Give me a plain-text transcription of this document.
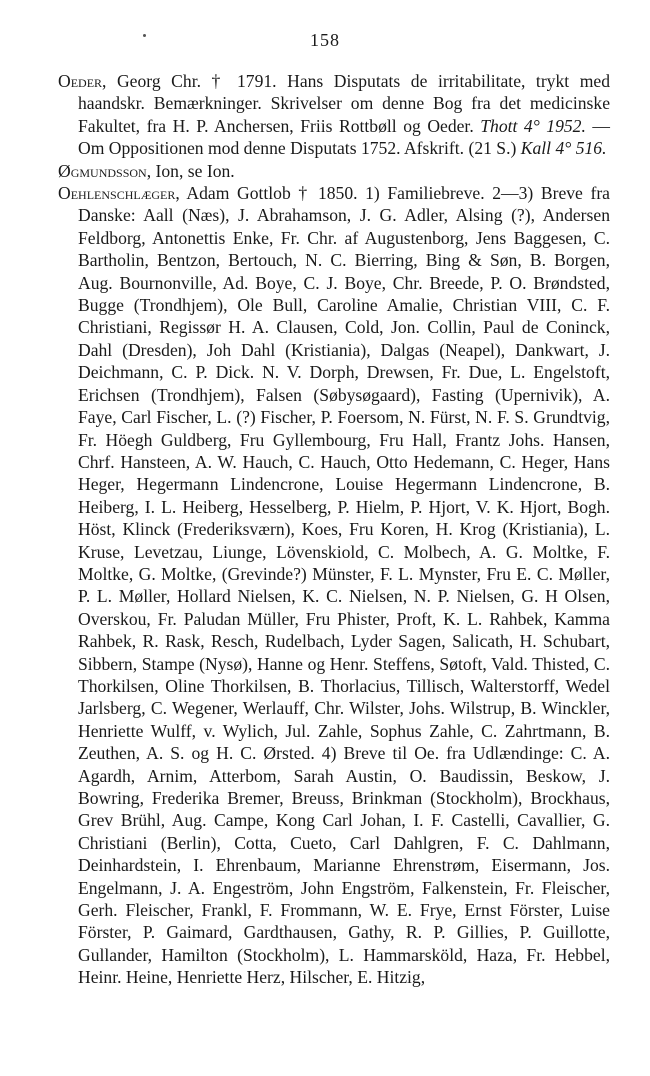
158

Oeder, Georg Chr. † 1791. Hans Disputats de irritabilitate, trykt med haandskr. Bemærkninger. Skrivelser om denne Bog fra det medicinske Fakultet, fra H. P. Anchersen, Friis Rottbøll og Oeder. Thott 4° 1952. — Om Oppositionen mod denne Disputats 1752. Afskrift. (21 S.) Kall 4° 516.

Øgmundsson, Ion, se Ion.

Oehlenschlæger, Adam Gottlob † 1850. 1) Familiebreve. 2—3) Breve fra Danske: Aall (Næs), J. Abrahamson, J. G. Adler, Alsing (?), Andersen Feldborg, Antonettis Enke, Fr. Chr. af Augustenborg, Jens Baggesen, C. Bartholin, Bentzon, Bertouch, N. C. Bierring, Bing & Søn, B. Borgen, Aug. Bournonville, Ad. Boye, C. J. Boye, Chr. Breede, P. O. Brøndsted, Bugge (Trondhjem), Ole Bull, Caroline Amalie, Christian VIII, C. F. Christiani, Regissør H. A. Clausen, Cold, Jon. Collin, Paul de Coninck, Dahl (Dresden), Joh Dahl (Kristiania), Dalgas (Neapel), Dankwart, J. Deichmann, C. P. Dick. N. V. Dorph, Drewsen, Fr. Due, L. Engelstoft, Erichsen (Trondhjem), Falsen (Søbysøgaard), Fasting (Upernivik), A. Faye, Carl Fischer, L. (?) Fischer, P. Foersom, N. Fürst, N. F. S. Grundtvig, Fr. Höegh Guldberg, Fru Gyllembourg, Fru Hall, Frantz Johs. Hansen, Chrf. Hansteen, A. W. Hauch, C. Hauch, Otto Hedemann, C. Heger, Hans Heger, Hegermann Lindencrone, Louise Hegermann Lindencrone, B. Heiberg, I. L. Heiberg, Hesselberg, P. Hielm, P. Hjort, V. K. Hjort, Bogh. Höst, Klinck (Frederiksværn), Koes, Fru Koren, H. Krog (Kristiania), L. Kruse, Levetzau, Liunge, Lövenskiold, C. Molbech, A. G. Moltke, F. Moltke, G. Moltke, (Grevinde?) Münster, F. L. Mynster, Fru E. C. Møller, P. L. Møller, Hollard Nielsen, K. C. Nielsen, N. P. Nielsen, G. H Olsen, Overskou, Fr. Paludan Müller, Fru Phister, Proft, K. L. Rahbek, Kamma Rahbek, R. Rask, Resch, Rudelbach, Lyder Sagen, Salicath, H. Schubart, Sibbern, Stampe (Nysø), Hanne og Henr. Steffens, Søtoft, Vald. Thisted, C. Thorkilsen, Oline Thorkilsen, B. Thorlacius, Tillisch, Walterstorff, Wedel Jarlsberg, C. Wegener, Werlauff, Chr. Wilster, Johs. Wilstrup, B. Winckler, Henriette Wulff, v. Wylich, Jul. Zahle, Sophus Zahle, C. Zahrtmann, B. Zeuthen, A. S. og H. C. Ørsted. 4) Breve til Oe. fra Udlændinge: C. A. Agardh, Arnim, Atterbom, Sarah Austin, O. Baudissin, Beskow, J. Bowring, Frederika Bremer, Breuss, Brinkman (Stockholm), Brockhaus, Grev Brühl, Aug. Campe, Kong Carl Johan, I. F. Castelli, Cavallier, G. Christiani (Berlin), Cotta, Cueto, Carl Dahlgren, F. C. Dahlmann, Deinhardstein, I. Ehrenbaum, Marianne Ehrenstrøm, Eisermann, Jos. Engelmann, J. A. Engeström, John Engström, Falkenstein, Fr. Fleischer, Gerh. Fleischer, Frankl, F. Frommann, W. E. Frye, Ernst Förster, Luise Förster, P. Gaimard, Gardthausen, Gathy, R. P. Gillies, P. Guillotte, Gullander, Hamilton (Stockholm), L. Hammarsköld, Haza, Fr. Hebbel, Heinr. Heine, Henriette Herz, Hilscher, E. Hitzig,
